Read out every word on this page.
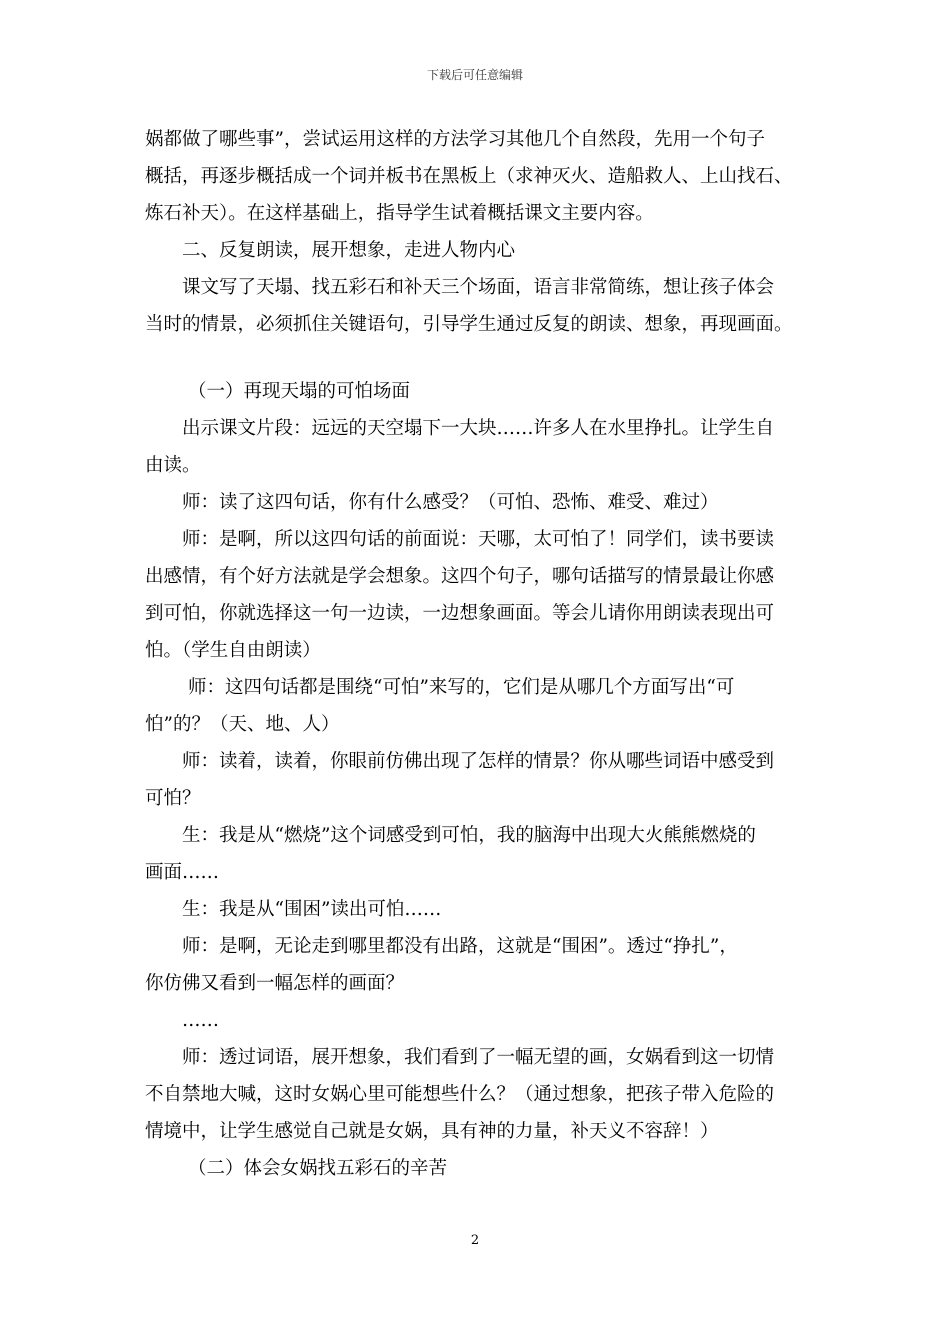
下载后可任意编辑
娲都做了哪些事”，尝试运用这样的方法学习其他几个自然段，先用一个句子
概括，再逐步概括成一个词并板书在黑板上（求神灭火、造船救人、上山找石、
炼石补天）。在这样基础上，指导学生试着概括课文主要内容。
二、反复朗读，展开想象，走进人物内心
课文写了天塌、找五彩石和补天三个场面，语言非常简练，想让孩子体会
当时的情景，必须抓住关键语句，引导学生通过反复的朗读、想象，再现画面。
（一）再现天塌的可怕场面
出示课文片段：远远的天空塌下一大块……许多人在水里挣扎。让学生自
由读。
师：读了这四句话，你有什么感受？（可怕、恐怖、难受、难过）
师：是啊，所以这四句话的前面说：天哪，太可怕了！同学们，读书要读
出感情，有个好方法就是学会想象。这四个句子，哪句话描写的情景最让你感
到可怕，你就选择这一句一边读，一边想象画面。等会儿请你用朗读表现出可
怕。（学生自由朗读）
师：这四句话都是围绕“可怕”来写的，它们是从哪几个方面写出“可
怕”的？（天、地、人）
师：读着，读着，你眼前仿佛出现了怎样的情景？你从哪些词语中感受到
可怕？
生：我是从“燃烧”这个词感受到可怕，我的脑海中出现大火熊熊燃烧的
画面……
生：我是从“围困”读出可怕……
师：是啊，无论走到哪里都没有出路，这就是“围困”。透过“挣扎”，
你仿佛又看到一幅怎样的画面？
……
师：透过词语，展开想象，我们看到了一幅无望的画，女娲看到这一切情
不自禁地大喊，这时女娲心里可能想些什么？（通过想象，把孩子带入危险的
情境中，让学生感觉自己就是女娲，具有神的力量，补天义不容辞！）
（二）体会女娲找五彩石的辛苦
2
